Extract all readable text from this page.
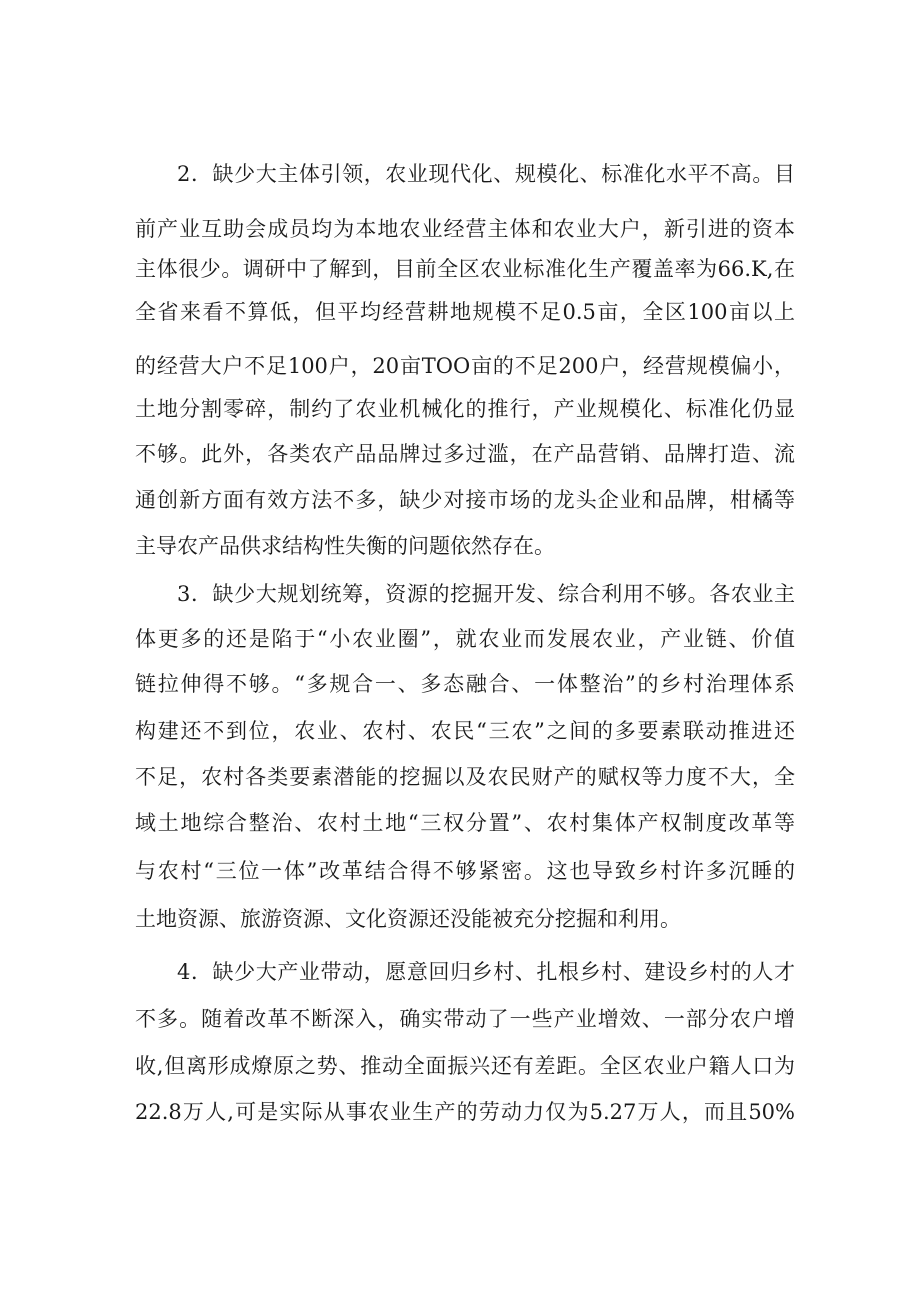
2．缺少大主体引领，农业现代化、规模化、标准化水平不高。目

前产业互助会成员均为本地农业经营主体和农业大户，新引进的资本

主体很少。调研中了解到，目前全区农业标准化生产覆盖率为66.K,在

全省来看不算低，但平均经营耕地规模不足0.5亩，全区100亩以上

的经营大户不足100户，20亩TOO亩的不足200户，经营规模偏小，

土地分割零碎，制约了农业机械化的推行，产业规模化、标准化仍显

不够。此外，各类农产品品牌过多过滥，在产品营销、品牌打造、流

通创新方面有效方法不多，缺少对接市场的龙头企业和品牌，柑橘等

主导农产品供求结构性失衡的问题依然存在。

3．缺少大规划统筹，资源的挖掘开发、综合利用不够。各农业主

体更多的还是陷于“小农业圈”，就农业而发展农业，产业链、价值

链拉伸得不够。“多规合一、多态融合、一体整治”的乡村治理体系

构建还不到位，农业、农村、农民“三农”之间的多要素联动推进还

不足，农村各类要素潜能的挖掘以及农民财产的赋权等力度不大，全

域土地综合整治、农村土地“三权分置”、农村集体产权制度改革等

与农村“三位一体”改革结合得不够紧密。这也导致乡村许多沉睡的

土地资源、旅游资源、文化资源还没能被充分挖掘和利用。

4．缺少大产业带动，愿意回归乡村、扎根乡村、建设乡村的人才

不多。随着改革不断深入，确实带动了一些产业增效、一部分农户增

收,但离形成燎原之势、推动全面振兴还有差距。全区农业户籍人口为

22.8万人,可是实际从事农业生产的劳动力仅为5.27万人，而且50%
